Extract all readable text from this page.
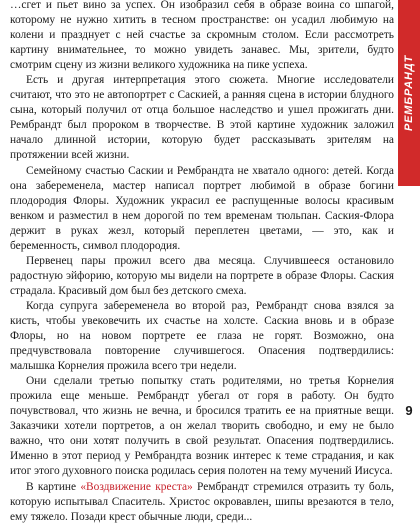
…сгет и пьет вино за успех. Он изобразил себя в образе воина со шпагой, которому не нужно хитить в тесном пространстве: он усадил любимую на колени и празднует с ней счастье за скромным столом. Если рассмотреть картину внимательнее, то можно увидеть занавес. Мы, зрители, будто смотрим сцену из жизни великого художника на пике успеха.

Есть и другая интерпретация этого сюжета. Многие исследователи считают, что это не автопортрет с Саскией, а ранняя сцена в истории блудного сына, который получил от отца большое наследство и ушел прожигать дни. Рембрандт был пророком в творчестве. В этой картине художник заложил начало длинной истории, которую будет рассказывать зрителям на протяжении всей жизни.

Семейному счастью Саскии и Рембрандта не хватало одного: детей. Когда она забеременела, мастер написал портрет любимой в образе богини плодородия Флоры. Художник украсил ее распущенные волосы красивым венком и разместил в нем дорогой по тем временам тюльпан. Саския-Флора держит в руках жезл, который переплетен цветами, — это, как и беременность, символ плодородия.

Первенец пары прожил всего два месяца. Случившееся остановило радостную эйфорию, которую мы видели на портрете в образе Флоры. Саския страдала. Красивый дом был без детского смеха.

Когда супруга забеременела во второй раз, Рембрандт снова взялся за кисть, чтобы увековечить их счастье на холсте. Саскиа вновь и в образе Флоры, но на новом портрете ее глаза не горят. Возможно, она предчувствовала повторение случившегося. Опасения подтвердились: малышка Корнелия прожила всего три недели.

Они сделали третью попытку стать родителями, но третья Корнелия прожила еще меньше. Рембрандт убегал от горя в работу. Он будто почувствовал, что жизнь не вечна, и бросился тратить ее на приятные вещи. Заказчики хотели портретов, а он желал творить свободно, и ему не было важно, что они хотят получить в свой результат. Опасения подтвердились. Именно в этот период у Рембрандта возник интерес к теме страдания, и как итог этого духовного поиска родилась серия полотен на тему мучений Иисуса.

В картине «Воздвижение креста» Рембрандт стремился отразить ту боль, которую испытывал Спаситель. Христос окровавлен, шипы врезаются в тело, ему тяжело. Позади крест обычные люди, среди...

РЕМБРАНДТ
9
